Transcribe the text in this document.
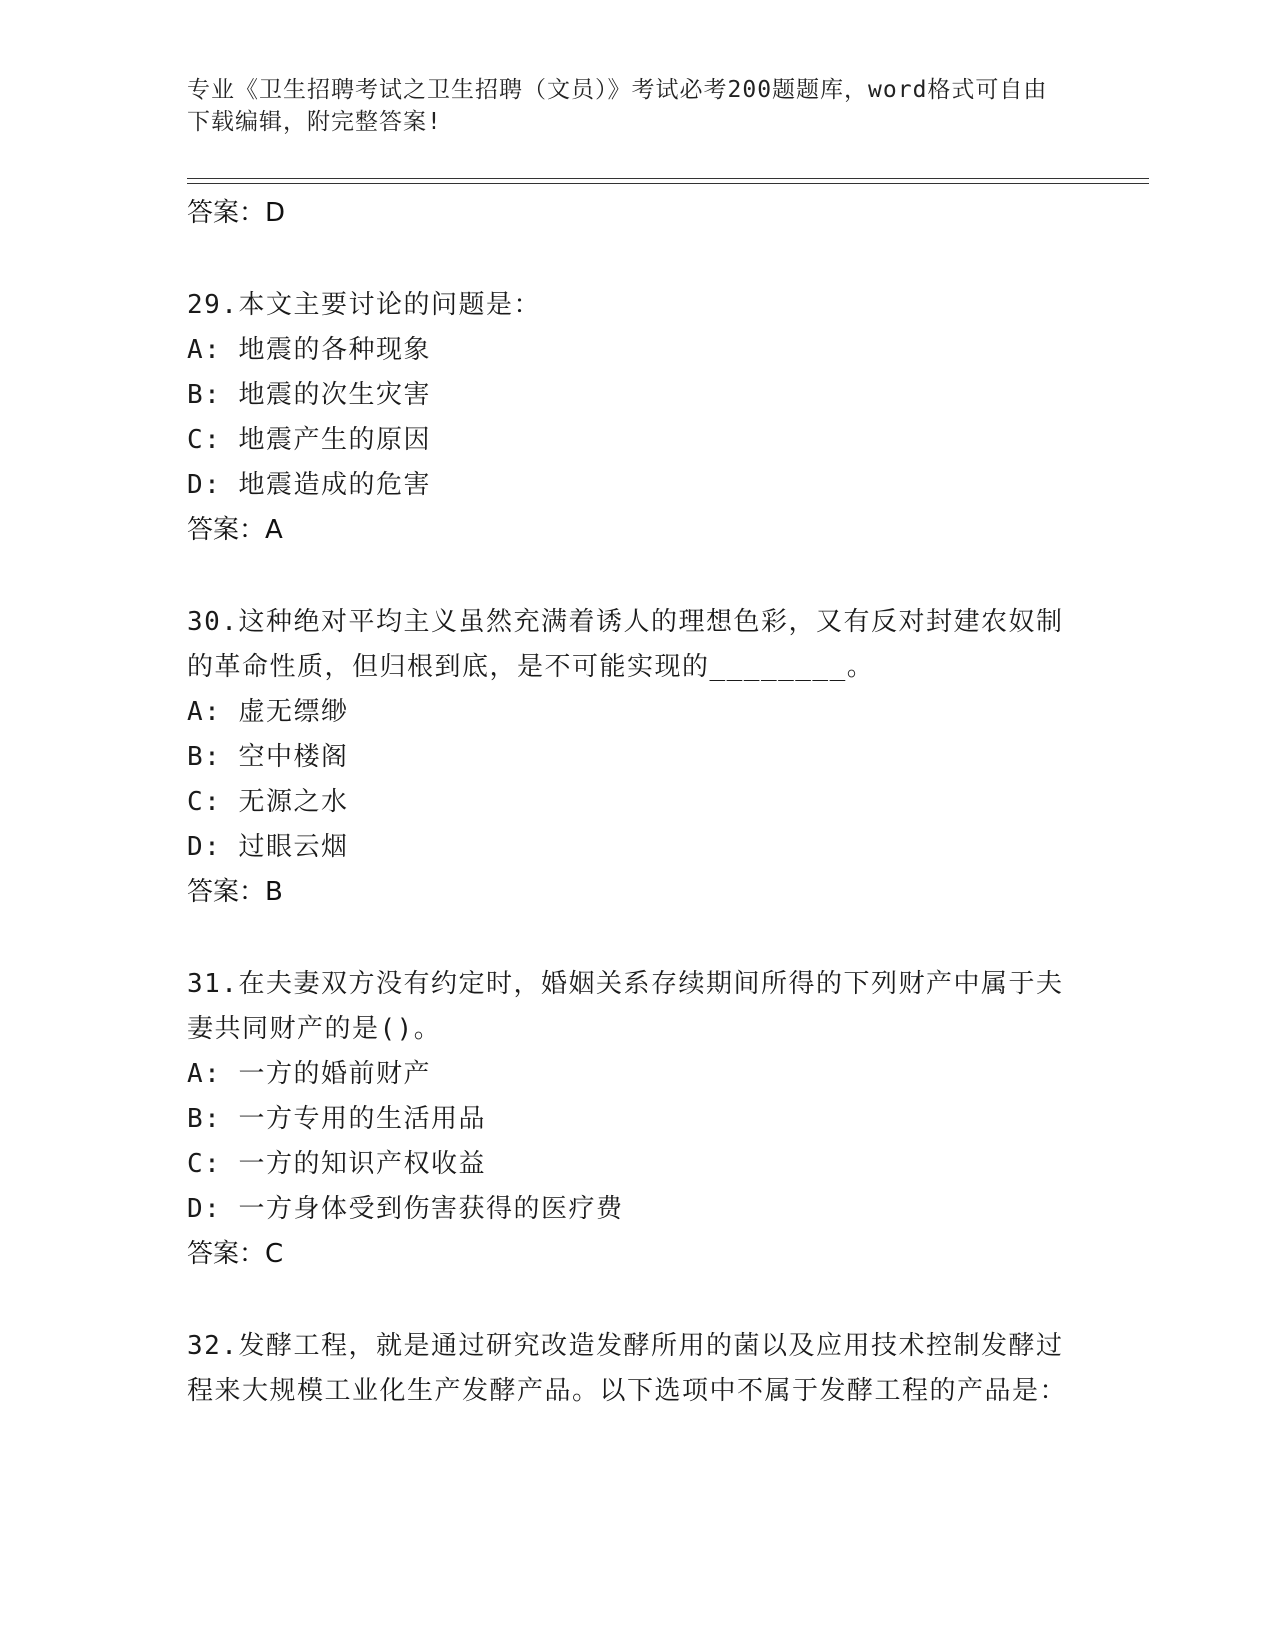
专业《卫生招聘考试之卫生招聘（文员）》考试必考200题题库，word格式可自由下载编辑，附完整答案!

答案：D

29.本文主要讨论的问题是：

A: 地震的各种现象

B: 地震的次生灾害

C: 地震产生的原因

D: 地震造成的危害

答案：A

30.这种绝对平均主义虽然充满着诱人的理想色彩，又有反对封建农奴制的革命性质，但归根到底，是不可能实现的________。

A: 虚无缥缈

B: 空中楼阁

C: 无源之水

D: 过眼云烟

答案：B

31.在夫妻双方没有约定时，婚姻关系存续期间所得的下列财产中属于夫妻共同财产的是()。

A: 一方的婚前财产

B: 一方专用的生活用品

C: 一方的知识产权收益

D: 一方身体受到伤害获得的医疗费

答案：C

32.发酵工程，就是通过研究改造发酵所用的菌以及应用技术控制发酵过程来大规模工业化生产发酵产品。以下选项中不属于发酵工程的产品是：
